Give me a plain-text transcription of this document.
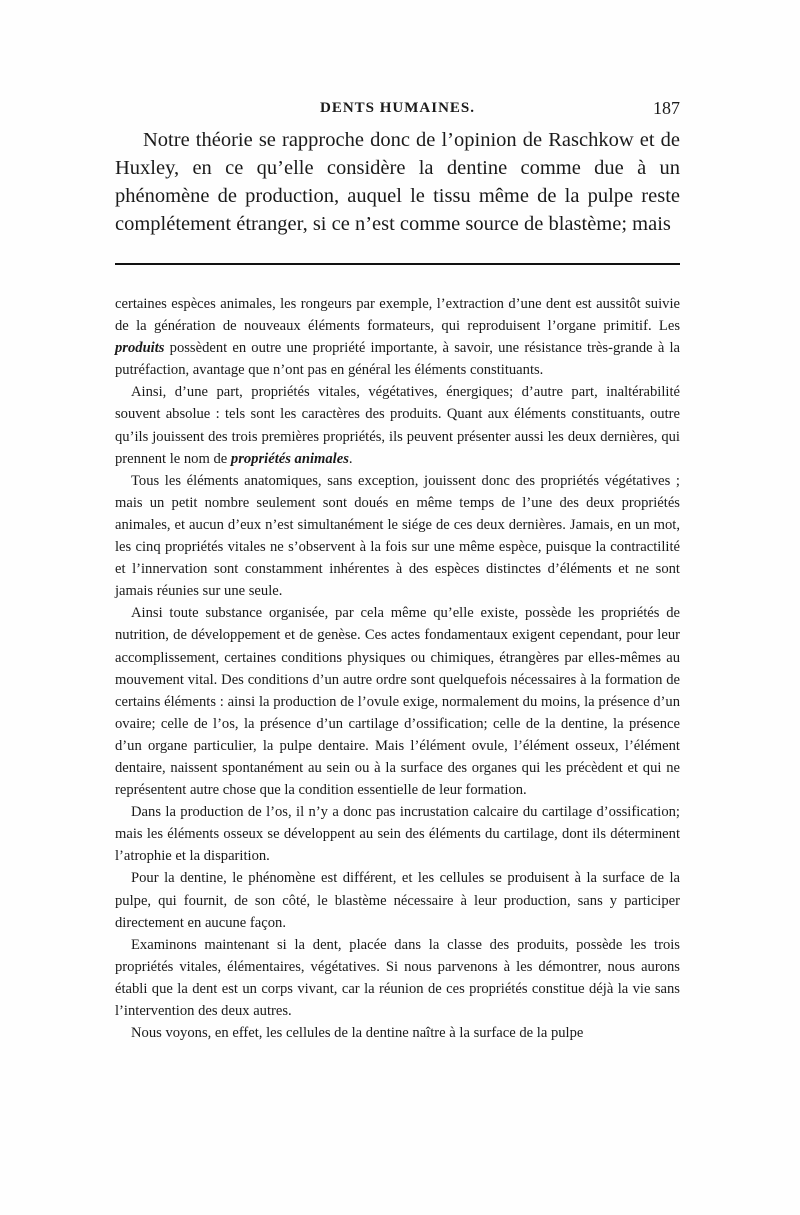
DENTS HUMAINES.	187

Notre théorie se rapproche donc de l’opinion de Raschkow et de Huxley, en ce qu’elle considère la dentine comme due à un phénomène de production, auquel le tissu même de la pulpe reste complétement étranger, si ce n’est comme source de blastème; mais

certaines espèces animales, les rongeurs par exemple, l’extraction d’une dent est aussitôt suivie de la génération de nouveaux éléments formateurs, qui reproduisent l’organe primitif. Les produits possèdent en outre une propriété importante, à savoir, une résistance très-grande à la putréfaction, avantage que n’ont pas en général les éléments constituants.

Ainsi, d’une part, propriétés vitales, végétatives, énergiques; d’autre part, inaltérabilité souvent absolue : tels sont les caractères des produits. Quant aux éléments constituants, outre qu’ils jouissent des trois premières propriétés, ils peuvent présenter aussi les deux dernières, qui prennent le nom de propriétés animales.

Tous les éléments anatomiques, sans exception, jouissent donc des propriétés végétatives ; mais un petit nombre seulement sont doués en même temps de l’une des deux propriétés animales, et aucun d’eux n’est simultanément le siége de ces deux dernières. Jamais, en un mot, les cinq propriétés vitales ne s’observent à la fois sur une même espèce, puisque la contractilité et l’innervation sont constamment inhérentes à des espèces distinctes d’éléments et ne sont jamais réunies sur une seule.

Ainsi toute substance organisée, par cela même qu’elle existe, possède les propriétés de nutrition, de développement et de genèse. Ces actes fondamentaux exigent cependant, pour leur accomplissement, certaines conditions physiques ou chimiques, étrangères par elles-mêmes au mouvement vital. Des conditions d’un autre ordre sont quelquefois nécessaires à la formation de certains éléments : ainsi la production de l’ovule exige, normalement du moins, la présence d’un ovaire; celle de l’os, la présence d’un cartilage d’ossification; celle de la dentine, la présence d’un organe particulier, la pulpe dentaire. Mais l’élément ovule, l’élément osseux, l’élément dentaire, naissent spontanément au sein ou à la surface des organes qui les précèdent et qui ne représentent autre chose que la condition essentielle de leur formation.

Dans la production de l’os, il n’y a donc pas incrustation calcaire du cartilage d’ossification; mais les éléments osseux se développent au sein des éléments du cartilage, dont ils déterminent l’atrophie et la disparition.

Pour la dentine, le phénomène est différent, et les cellules se produisent à la surface de la pulpe, qui fournit, de son côté, le blastème nécessaire à leur production, sans y participer directement en aucune façon.

Examinons maintenant si la dent, placée dans la classe des produits, possède les trois propriétés vitales, élémentaires, végétatives. Si nous parvenons à les démontrer, nous aurons établi que la dent est un corps vivant, car la réunion de ces propriétés constitue déjà la vie sans l’intervention des deux autres.

Nous voyons, en effet, les cellules de la dentine naître à la surface de la pulpe
